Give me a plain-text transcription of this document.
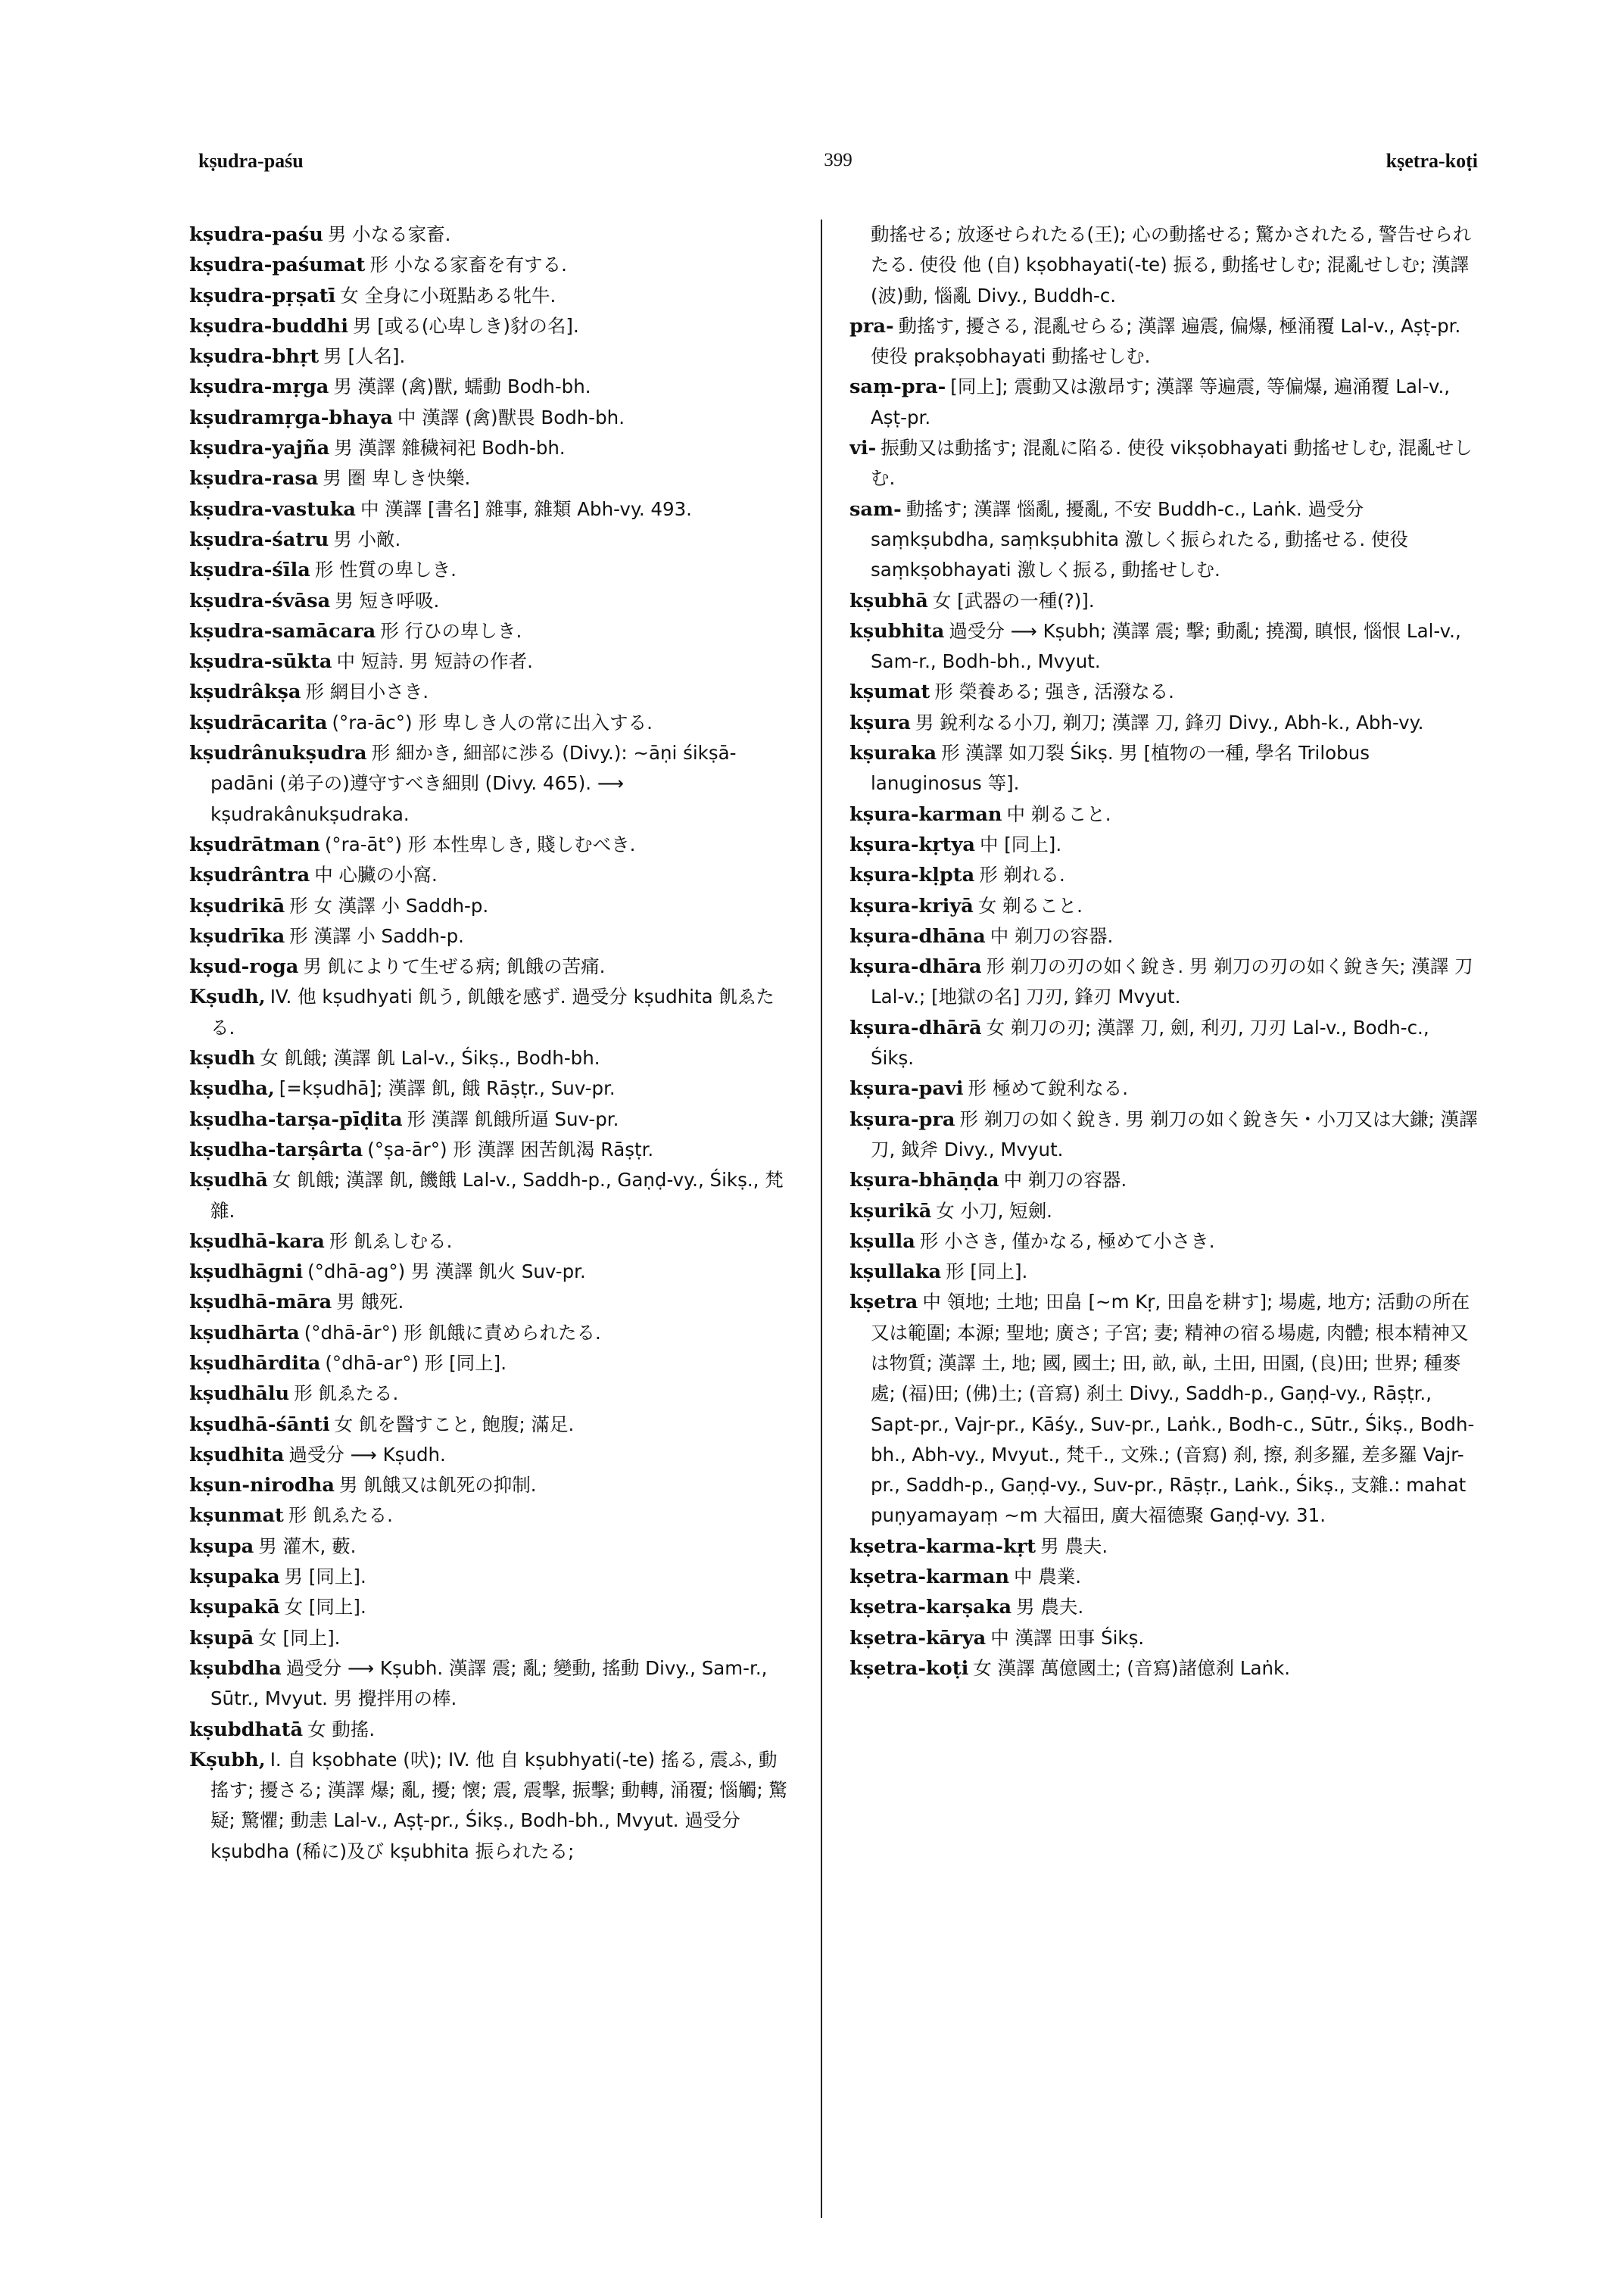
kṣudra-paśu	399	kṣetra-koṭi

kṣudra-paśu 男 小なる家畜.

kṣudra-paśumat 形 小なる家畜を有する.

kṣudra-pṛṣatī 女 全身に小斑點ある牝牛.

kṣudra-buddhi 男 [或る(心卑しき)豺の名].

kṣudra-bhṛt 男 [人名].

kṣudra-mṛga 男 漢譯 (禽)獸, 蠕動 Bodh-bh.

kṣudramṛga-bhaya 中 漢譯 (禽)獸畏 Bodh-bh.

kṣudra-yajña 男 漢譯 雜穢祠祀 Bodh-bh.

kṣudra-rasa 男 圏 卑しき快樂.

kṣudra-vastuka 中 漢譯 [書名] 雜事, 雜類 Abh-vy. 493.

kṣudra-śatru 男 小敵.

kṣudra-śīla 形 性質の卑しき.

kṣudra-śvāsa 男 短き呼吸.

kṣudra-samācara 形 行ひの卑しき.

kṣudra-sūkta 中 短詩. 男 短詩の作者.

kṣudrâkṣa 形 網目小さき.

kṣudrācarita (°ra-āc°) 形 卑しき人の常に出入する.

kṣudrânukṣudra 形 細かき, 細部に渉る (Divy.): ∼āṇi śikṣā-padāni (弟子の)遵守すべき細則 (Divy. 465). ⟶ kṣudrakânukṣudraka.

kṣudrātman (°ra-āt°) 形 本性卑しき, 賤しむべき.

kṣudrântra 中 心臟の小窩.

kṣudrikā 形 女 漢譯 小 Saddh-p.

kṣudrīka 形 漢譯 小 Saddh-p.

kṣud-roga 男 飢によりて生ぜる病; 飢餓の苦痛.

Kṣudh, IV. 他 kṣudhyati 飢う, 飢餓を感ず. 過受分 kṣudhita 飢ゑたる.

kṣudh 女 飢餓; 漢譯 飢 Lal-v., Śikṣ., Bodh-bh.

kṣudha, [=kṣudhā]; 漢譯 飢, 餓 Rāṣṭr., Suv-pr.

kṣudha-tarṣa-pīḍita 形 漢譯 飢餓所逼 Suv-pr.

kṣudha-tarṣârta (°ṣa-ār°) 形 漢譯 困苦飢渴 Rāṣṭr.

kṣudhā 女 飢餓; 漢譯 飢, 饑餓 Lal-v., Saddh-p., Gaṇḍ-vy., Śikṣ., 梵雜.

kṣudhā-kara 形 飢ゑしむる.

kṣudhāgni (°dhā-ag°) 男 漢譯 飢火 Suv-pr.

kṣudhā-māra 男 餓死.

kṣudhārta (°dhā-ār°) 形 飢餓に責められたる.

kṣudhārdita (°dhā-ar°) 形 [同上].

kṣudhālu 形 飢ゑたる.

kṣudhā-śānti 女 飢を醫すこと, 飽腹; 滿足.

kṣudhita 過受分 ⟶ Kṣudh.

kṣun-nirodha 男 飢餓又は飢死の抑制.

kṣunmat 形 飢ゑたる.

kṣupa 男 灌木, 藪.

kṣupaka 男 [同上].

kṣupakā 女 [同上].

kṣupā 女 [同上].

kṣubdha 過受分 ⟶ Kṣubh. 漢譯 震; 亂; 變動, 搖動 Divy., Sam-r., Sūtr., Mvyut. 男 攪拌用の棒.

kṣubdhatā 女 動搖.

Kṣubh, I. 自 kṣobhate (吠); IV. 他 自 kṣubhyati(-te) 搖る, 震ふ, 動搖す; 擾さる; 漢譯 爆; 亂, 擾; 懷; 震, 震擊, 振擊; 動轉, 涌覆; 惱觸; 驚疑; 驚懼; 動恚 Lal-v., Aṣṭ-pr., Śikṣ., Bodh-bh., Mvyut. 過受分 kṣubdha (稀に)及び kṣubhita 振られたる;

動搖せる; 放逐せられたる(王); 心の動搖せる; 驚かされたる, 警告せられたる. 使役 他 (自) kṣobhayati(-te) 振る, 動搖せしむ; 混亂せしむ; 漢譯 (波)動, 惱亂 Divy., Buddh-c.

pra- 動搖す, 擾さる, 混亂せらる; 漢譯 遍震, 偏爆, 極涌覆 Lal-v., Aṣṭ-pr. 使役 prakṣobhayati 動搖せしむ.

saṃ-pra- [同上]; 震動又は激昂す; 漢譯 等遍震, 等偏爆, 遍涌覆 Lal-v., Aṣṭ-pr.

vi- 振動又は動搖す; 混亂に陷る. 使役 vikṣobhayati 動搖せしむ, 混亂せしむ.

sam- 動搖す; 漢譯 惱亂, 擾亂, 不安 Buddh-c., Laṅk. 過受分 saṃkṣubdha, saṃkṣubhita 激しく振られたる, 動搖せる. 使役 saṃkṣobhayati 激しく振る, 動搖せしむ.

kṣubhā 女 [武器の一種(?)].

kṣubhita 過受分 ⟶ Kṣubh; 漢譯 震; 擊; 動亂; 撓濁, 瞋恨, 惱恨 Lal-v., Sam-r., Bodh-bh., Mvyut.

kṣumat 形 榮養ある; 强き, 活潑なる.

kṣura 男 銳利なる小刀, 剃刀; 漢譯 刀, 鋒刃 Divy., Abh-k., Abh-vy.

kṣuraka 形 漢譯 如刀裂 Śikṣ. 男 [植物の一種, 學名 Trilobus lanuginosus 等].

kṣura-karman 中 剃ること.

kṣura-kṛtya 中 [同上].

kṣura-kḷpta 形 剃れる.

kṣura-kriyā 女 剃ること.

kṣura-dhāna 中 剃刀の容器.

kṣura-dhāra 形 剃刀の刃の如く銳き. 男 剃刀の刃の如く銳き矢; 漢譯 刀 Lal-v.; [地獄の名] 刀刃, 鋒刃 Mvyut.

kṣura-dhārā 女 剃刀の刃; 漢譯 刀, 劍, 利刃, 刀刃 Lal-v., Bodh-c., Śikṣ.

kṣura-pavi 形 極めて銳利なる.

kṣura-pra 形 剃刀の如く銳き. 男 剃刀の如く銳き矢・小刀又は大鎌; 漢譯 刀, 鉞斧 Divy., Mvyut.

kṣura-bhāṇḍa 中 剃刀の容器.

kṣurikā 女 小刀, 短劍.

kṣulla 形 小さき, 僅かなる, 極めて小さき.

kṣullaka 形 [同上].

kṣetra 中 領地; 土地; 田畠 [∼m Kṛ, 田畠を耕す]; 場處, 地方; 活動の所在又は範圍; 本源; 聖地; 廣さ; 子宮; 妻; 精神の宿る場處, 肉體; 根本精神又は物質; 漢譯 土, 地; 國, 國土; 田, 畝, 畒, 土田, 田園, (良)田; 世界; 種麥處; (福)田; (佛)土; (音寫) 刹土 Divy., Saddh-p., Gaṇḍ-vy., Rāṣṭr., Sapt-pr., Vajr-pr., Kāśy., Suv-pr., Laṅk., Bodh-c., Sūtr., Śikṣ., Bodh-bh., Abh-vy., Mvyut., 梵千., 文殊.; (音寫) 刹, 擦, 刹多羅, 差多羅 Vajr-pr., Saddh-p., Gaṇḍ-vy., Suv-pr., Rāṣṭr., Laṅk., Śikṣ., 支雜.: mahat puṇyamayaṃ ∼m 大福田, 廣大福德聚 Gaṇḍ-vy. 31.

kṣetra-karma-kṛt 男 農夫.

kṣetra-karman 中 農業.

kṣetra-karṣaka 男 農夫.

kṣetra-kārya 中 漢譯 田事 Śikṣ.

kṣetra-koṭi 女 漢譯 萬億國土; (音寫)諸億刹 Laṅk.
